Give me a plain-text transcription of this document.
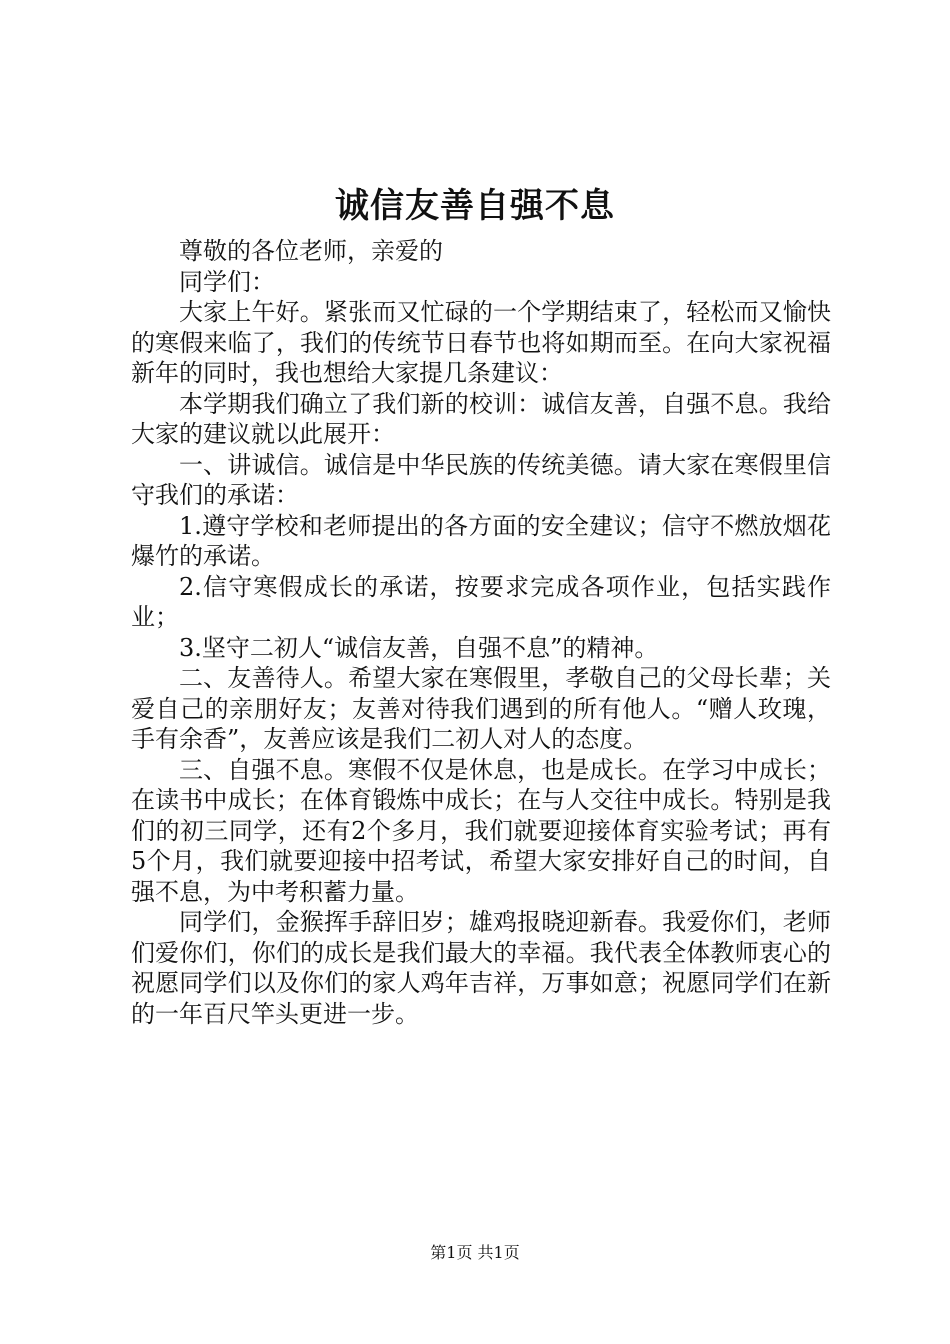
诚信友善自强不息

尊敬的各位老师，亲爱的

同学们：

大家上午好。紧张而又忙碌的一个学期结束了，轻松而又愉快的寒假来临了，我们的传统节日春节也将如期而至。在向大家祝福新年的同时，我也想给大家提几条建议：

本学期我们确立了我们新的校训：诚信友善，自强不息。我给大家的建议就以此展开：

一、讲诚信。诚信是中华民族的传统美德。请大家在寒假里信守我们的承诺：

1.遵守学校和老师提出的各方面的安全建议；信守不燃放烟花爆竹的承诺。

2.信守寒假成长的承诺，按要求完成各项作业，包括实践作业；

3.坚守二初人“诚信友善，自强不息”的精神。

二、友善待人。希望大家在寒假里，孝敬自己的父母长辈；关爱自己的亲朋好友；友善对待我们遇到的所有他人。“赠人玫瑰，手有余香”，友善应该是我们二初人对人的态度。

三、自强不息。寒假不仅是休息，也是成长。在学习中成长；在读书中成长；在体育锻炼中成长；在与人交往中成长。特别是我们的初三同学，还有2个多月，我们就要迎接体育实验考试；再有5个月，我们就要迎接中招考试，希望大家安排好自己的时间，自强不息，为中考积蓄力量。

同学们，金猴挥手辞旧岁；雄鸡报晓迎新春。我爱你们，老师们爱你们，你们的成长是我们最大的幸福。我代表全体教师衷心的祝愿同学们以及你们的家人鸡年吉祥，万事如意；祝愿同学们在新的一年百尺竿头更进一步。

第1页 共1页
